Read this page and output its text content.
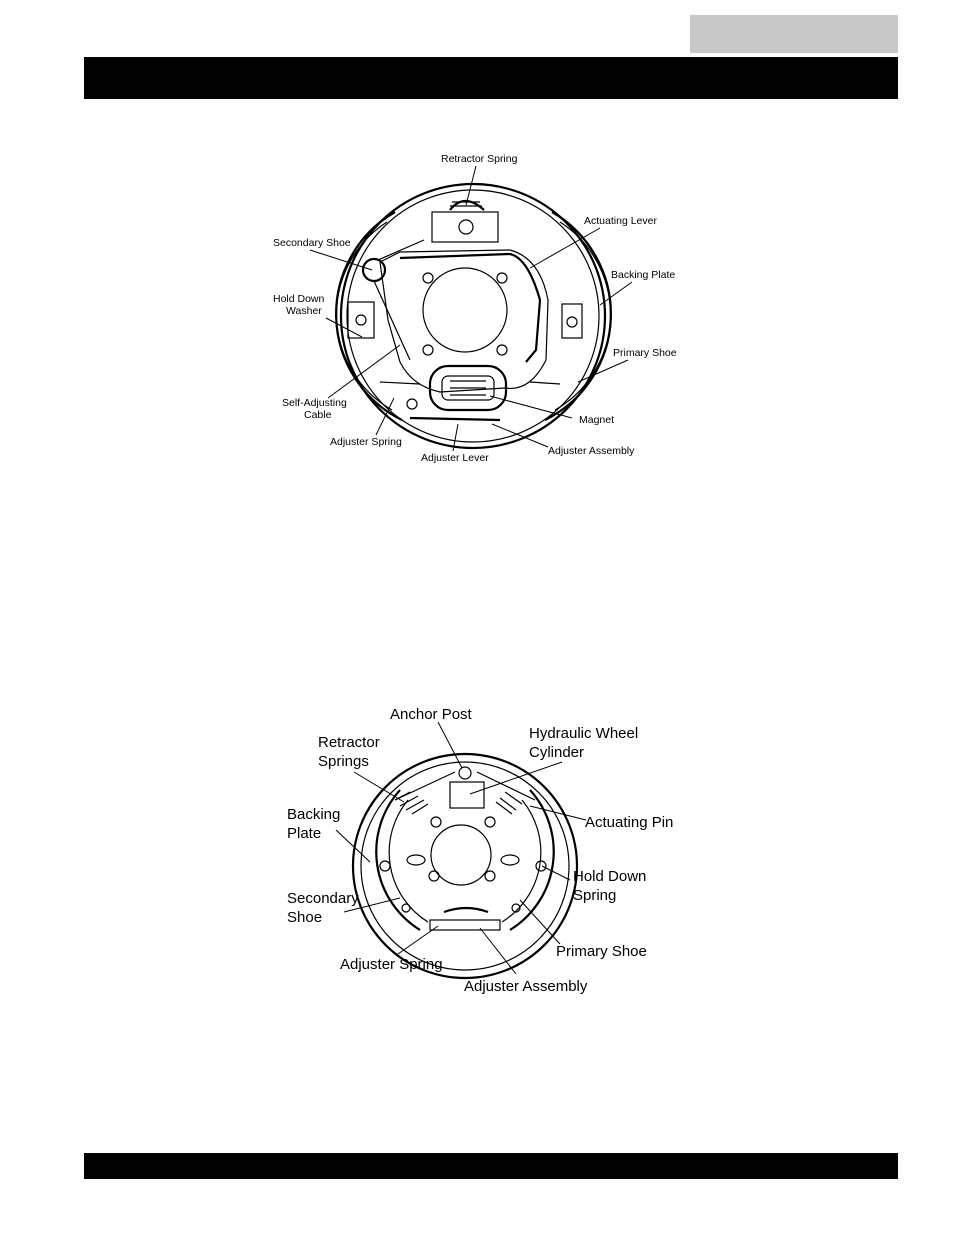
Retractor Spring
Actuating Lever
Secondary Shoe
Backing Plate
Hold Down
Washer
Primary Shoe
Self-Adjusting
Cable	Magnet
Adjuster Spring
Adjuster Assembly
Adjuster Lever
Anchor Post
Hydraulic Wheel
Cylinder
Retractor
Springs
Actuating Pin
Backing
Plate
Hold Down
Spring
Secondary
Shoe
Primary Shoe
Adjuster Spring
Adjuster Assembly
